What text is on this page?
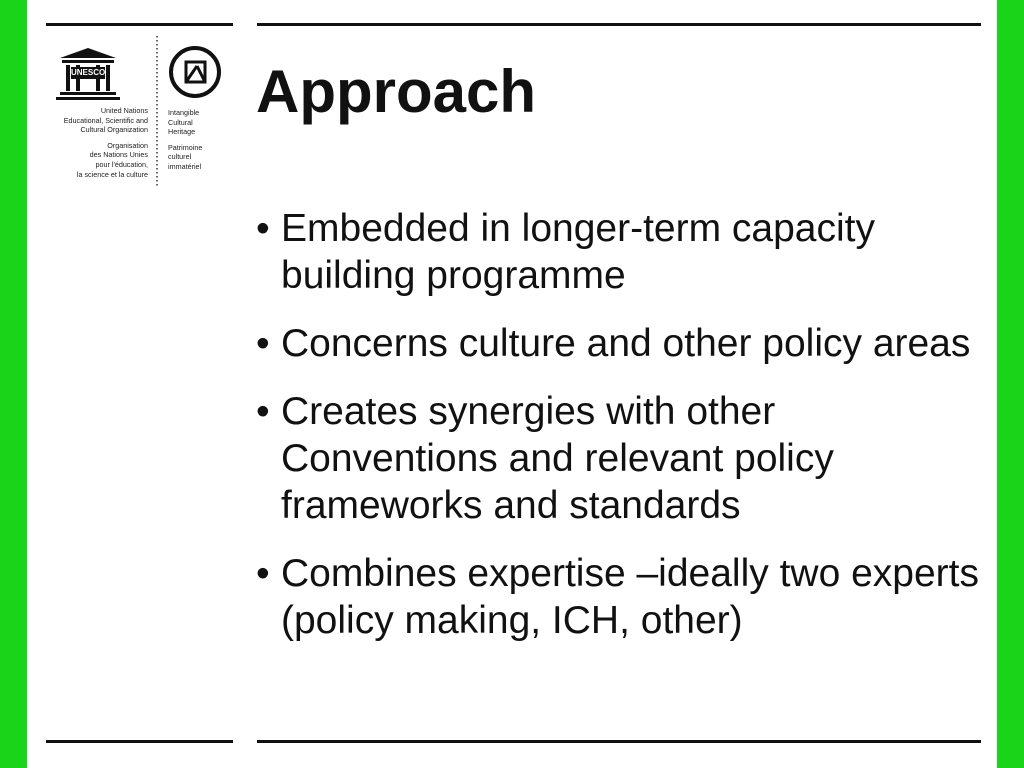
UNESCO
United Nations
Educational, Scientific and
Cultural Organization
Organisation
des Nations Unies
pour l'éducation,
la science et la culture
Intangible
Cultural
Heritage
Patrimoine
culturel
immatériel
Approach
• Embedded in longer-term capacity building programme
• Concerns culture and other policy areas
• Creates synergies with other Conventions and relevant policy frameworks and standards
• Combines expertise –ideally two experts (policy making, ICH, other)
